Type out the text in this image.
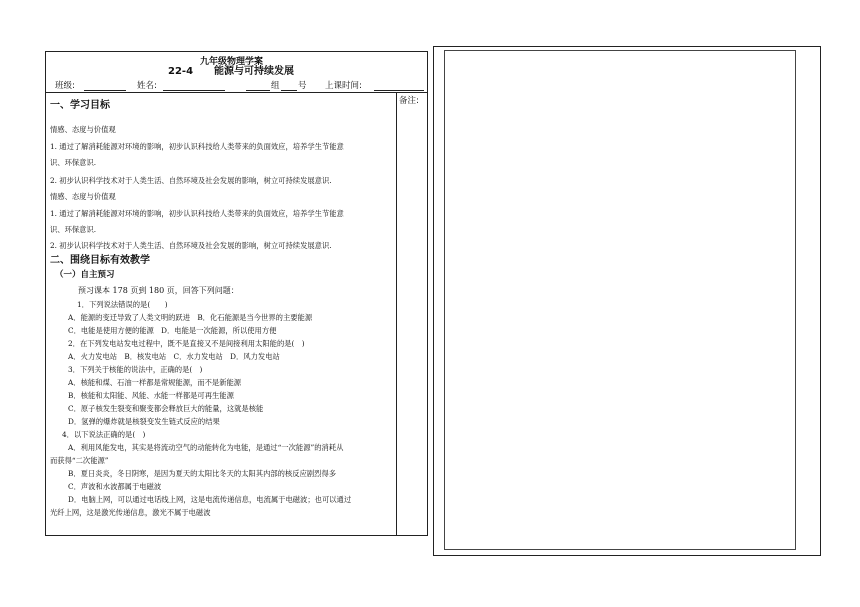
九年级物理学案
22-4 能源与可持续发展
班级:	姓名:	组 号 上课时间:
备注:
一、学习目标
情感、态度与价值观
1. 通过了解消耗能源对环境的影响，初步认识科技给人类带来的负面效应，培养学生节能意
识、环保意识.
2. 初步认识科学技术对于人类生活、自然环境及社会发展的影响，树立可持续发展意识.
情感、态度与价值观
1. 通过了解消耗能源对环境的影响，初步认识科技给人类带来的负面效应，培养学生节能意
识、环保意识.
2. 初步认识科学技术对于人类生活、自然环境及社会发展的影响，树立可持续发展意识.
二、围绕目标有效教学
（一）自主预习
预习课本 178 页到 180 页，回答下列问题：
1．下列说法错误的是(　　)
A．能源的变迁导致了人类文明的跃进　B．化石能源是当今世界的主要能源
C．电能是使用方便的能源　D．电能是一次能源，所以使用方便
2．在下列发电站发电过程中，既不是直接又不是间接利用太阳能的是(　)
A．火力发电站　B．核发电站　C．水力发电站　D．风力发电站
3．下列关于核能的说法中，正确的是(　)
A．核能和煤、石油一样都是常规能源，而不是新能源
B．核能和太阳能、风能、水能一样都是可再生能源
C．原子核发生裂变和聚变都会释放巨大的能量，这就是核能
D．氢弹的爆炸就是核裂变发生链式反应的结果
4．以下说法正确的是(　)
A．利用风能发电，其实是将流动空气的动能转化为电能，是通过“一次能源”的消耗从
而获得“二次能源”
B．夏日炎炎，冬日阴寒，是因为夏天的太阳比冬天的太阳其内部的核反应剧烈得多
C．声波和水波都属于电磁波
D．电脑上网，可以通过电话线上网，这是电流传递信息，电流属于电磁波；也可以通过
光纤上网，这是激光传递信息，激光不属于电磁波
